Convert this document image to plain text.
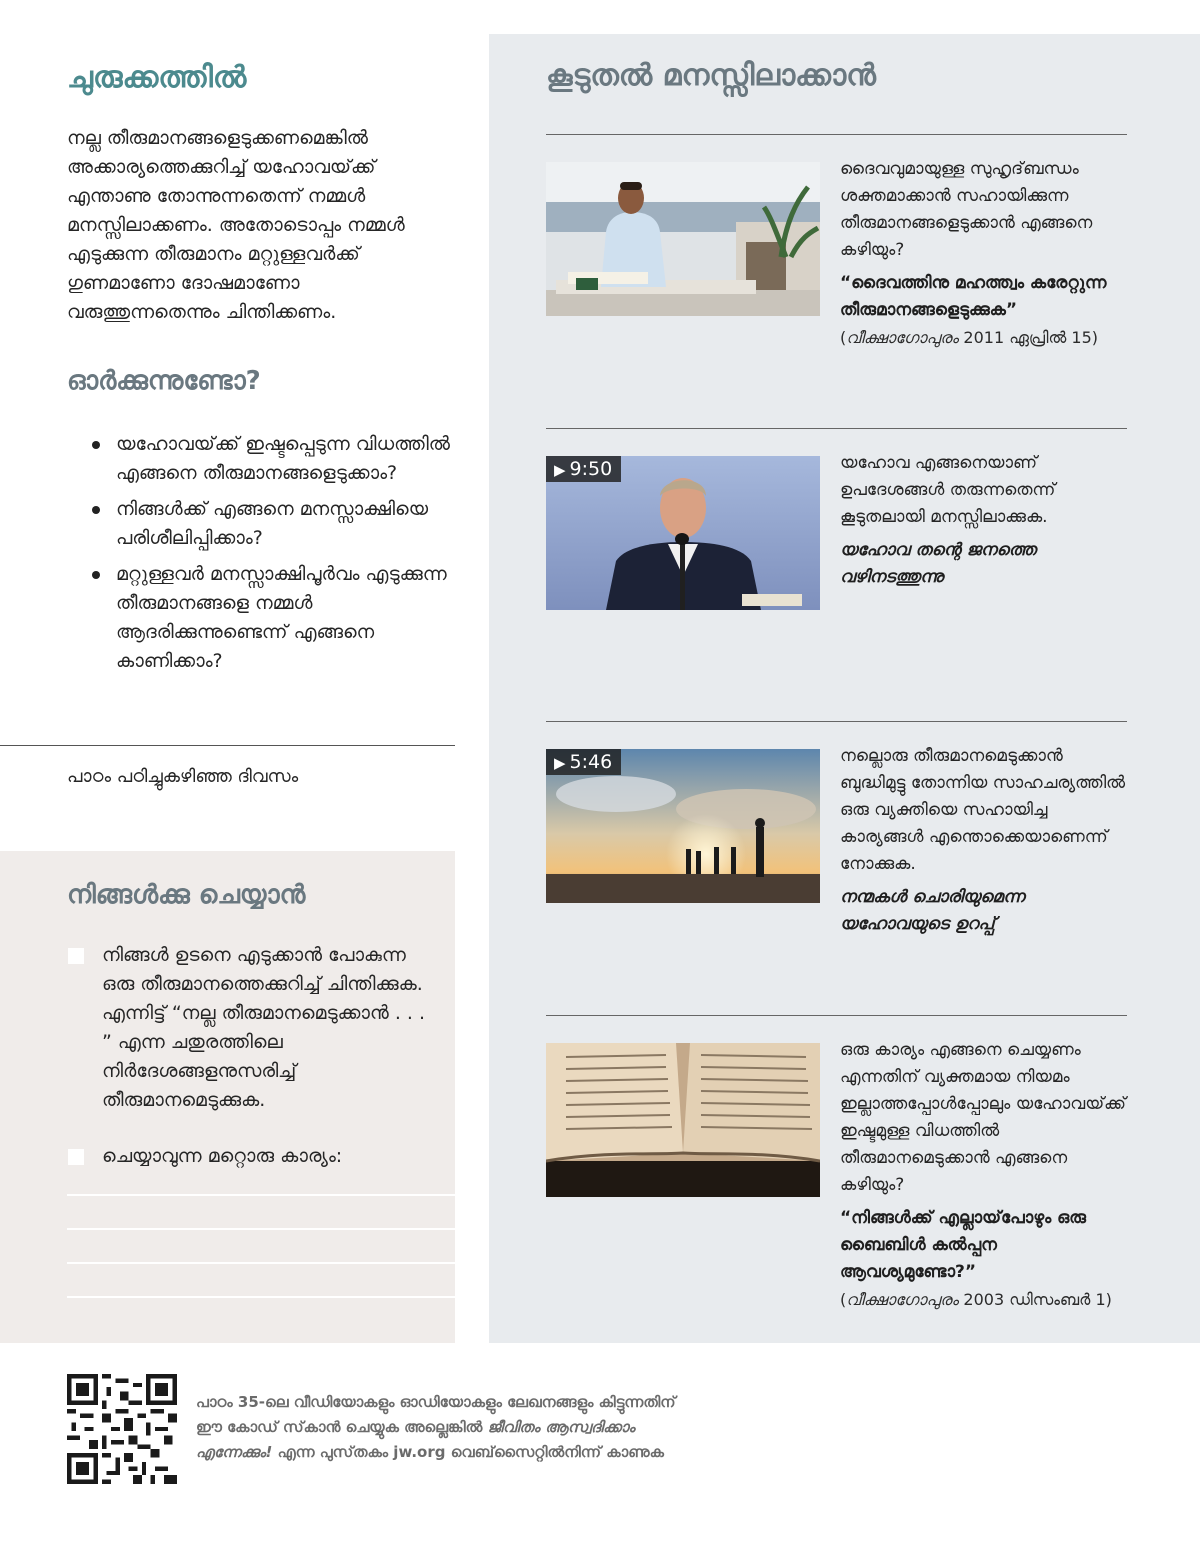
ചുരുക്കത്തിൽ

നല്ല തീരുമാനങ്ങളെടുക്കണമെങ്കിൽ അക്കാര്യത്തെക്കുറിച്ച് യഹോവയ്‌ക്ക് എന്താണു തോന്നുന്നതെന്ന് നമ്മൾ മനസ്സിലാക്കണം. അതോടൊപ്പം നമ്മൾ എടുക്കുന്ന തീരുമാനം മറ്റുള്ളവർക്ക് ഗുണമാണോ ദോഷമാണോ വരുത്തുന്നതെന്നും ചിന്തിക്കണം.

ഓർക്കുന്നുണ്ടോ?
യഹോവയ്‌ക്ക് ഇഷ്ടപ്പെടുന്ന വിധത്തിൽ എങ്ങനെ തീരുമാനങ്ങളെടുക്കാം?
നിങ്ങൾക്ക് എങ്ങനെ മനസ്സാക്ഷിയെ പരിശീലിപ്പിക്കാം?
മറ്റുള്ളവർ മനസ്സാക്ഷിപൂർവം എടുക്കുന്ന തീരുമാനങ്ങളെ നമ്മൾ ആദരിക്കുന്നുണ്ടെന്ന് എങ്ങനെ കാണിക്കാം?
പാഠം പഠിച്ചുകഴിഞ്ഞ ദിവസം
നിങ്ങൾക്കു ചെയ്യാൻ
നിങ്ങൾ ഉടനെ എടുക്കാൻ പോകുന്ന ഒരു തീരുമാനത്തെക്കുറിച്ച് ചിന്തിക്കുക. എന്നിട്ട് “നല്ല തീരുമാനമെടുക്കാൻ . . . ” എന്ന ചതുരത്തിലെ നിർദേശങ്ങളനുസരിച്ച് തീരുമാനമെടുക്കുക.
ചെയ്യാവുന്ന മറ്റൊരു കാര്യം:
കൂടുതൽ മനസ്സിലാക്കാൻ

ദൈവവുമായുള്ള സുഹൃദ്‌ബന്ധം ശക്തമാക്കാൻ സഹായിക്കുന്ന തീരുമാനങ്ങളെടുക്കാൻ എങ്ങനെ കഴിയും?

“ദൈവത്തിനു മഹത്ത്വം കരേറ്റുന്ന തീരുമാനങ്ങളെടുക്കുക”

(വീക്ഷാഗോപുരം 2011 ഏപ്രിൽ 15)

▶ 9:50	യഹോവ എങ്ങനെയാണ് ഉപദേശങ്ങൾ തരുന്നതെന്ന് കൂടുതലായി മനസ്സിലാക്കുക.

യഹോവ തന്റെ ജനത്തെ വഴിനടത്തുന്നു

▶ 5:46	നല്ലൊരു തീരുമാനമെടുക്കാൻ ബുദ്ധിമുട്ടു തോന്നിയ സാഹചര്യത്തിൽ ഒരു വ്യക്തിയെ സഹായിച്ച കാര്യങ്ങൾ എന്തൊക്കെയാണെന്ന് നോക്കുക.

നന്മകൾ ചൊരിയുമെന്ന യഹോവയുടെ ഉറപ്പ്

ഒരു കാര്യം എങ്ങനെ ചെയ്യണം എന്നതിന് വ്യക്തമായ നിയമം ഇല്ലാത്തപ്പോൾപ്പോലും യഹോവയ്‌ക്ക് ഇഷ്ടമുള്ള വിധത്തിൽ തീരുമാനമെടുക്കാൻ എങ്ങനെ കഴിയും?

“നിങ്ങൾക്ക് എല്ലായ്‌പോഴും ഒരു ബൈബിൾ കൽപ്പന ആവശ്യമുണ്ടോ?”

(വീക്ഷാഗോപുരം 2003 ഡിസംബർ 1)

പാഠം 35-ലെ വീഡിയോകളും ഓഡിയോകളും ലേഖനങ്ങളും കിട്ടുന്നതിന് ഈ കോഡ് സ്‌കാൻ ചെയ്യുക അല്ലെങ്കിൽ ജീവിതം ആസ്വദിക്കാം എന്നേക്കും! എന്ന പുസ്‌തകം jw.org വെബ്‌സൈറ്റിൽനിന്ന് കാണുക
